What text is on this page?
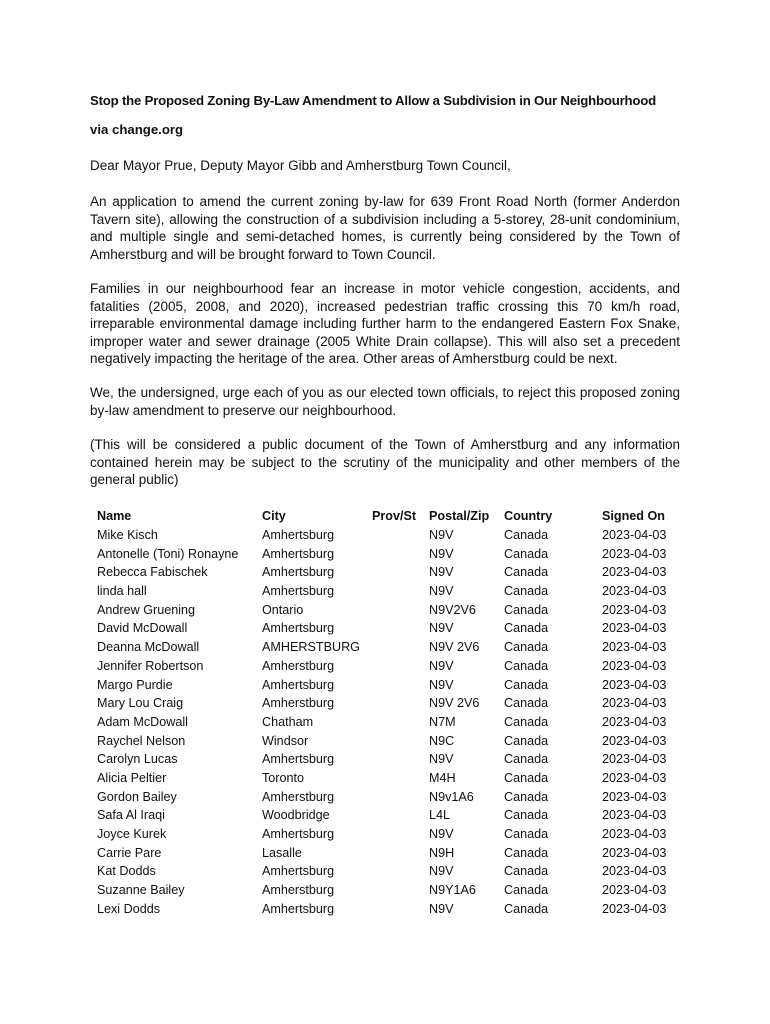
Stop the Proposed Zoning By-Law Amendment to Allow a Subdivision in Our Neighbourhood
via change.org
Dear Mayor Prue, Deputy Mayor Gibb and Amherstburg Town Council,

An application to amend the current zoning by-law for 639 Front Road North (former Anderdon Tavern site), allowing the construction of a subdivision including a 5-storey, 28-unit condominium, and multiple single and semi-detached homes, is currently being considered by the Town of Amherstburg and will be brought forward to Town Council.

Families in our neighbourhood fear an increase in motor vehicle congestion, accidents, and fatalities (2005, 2008, and 2020), increased pedestrian traffic crossing this 70 km/h road, irreparable environmental damage including further harm to the endangered Eastern Fox Snake, improper water and sewer drainage (2005 White Drain collapse). This will also set a precedent negatively impacting the heritage of the area. Other areas of Amherstburg could be next.

We, the undersigned, urge each of you as our elected town officials, to reject this proposed zoning by-law amendment to preserve our neighbourhood.

(This will be considered a public document of the Town of Amherstburg and any information contained herein may be subject to the scrutiny of the municipality and other members of the general public)

Name	City	Prov/St	Postal/Zip	Country	Signed On
Mike Kisch	Amhertsburg		N9V	Canada	2023-04-03
Antonelle (Toni) Ronayne	Amhertsburg		N9V	Canada	2023-04-03
Rebecca Fabischek	Amhertsburg		N9V	Canada	2023-04-03
linda hall	Amhertsburg		N9V	Canada	2023-04-03
Andrew Gruening	Ontario		N9V2V6	Canada	2023-04-03
David McDowall	Amhertsburg		N9V	Canada	2023-04-03
Deanna McDowall	AMHERSTBURG		N9V 2V6	Canada	2023-04-03
Jennifer Robertson	Amherstburg		N9V	Canada	2023-04-03
Margo Purdie	Amhertsburg		N9V	Canada	2023-04-03
Mary Lou Craig	Amherstburg		N9V 2V6	Canada	2023-04-03
Adam McDowall	Chatham		N7M	Canada	2023-04-03
Raychel Nelson	Windsor		N9C	Canada	2023-04-03
Carolyn Lucas	Amhertsburg		N9V	Canada	2023-04-03
Alicia Peltier	Toronto		M4H	Canada	2023-04-03
Gordon Bailey	Amherstburg		N9v1A6	Canada	2023-04-03
Safa Al Iraqi	Woodbridge		L4L	Canada	2023-04-03
Joyce Kurek	Amhertsburg		N9V	Canada	2023-04-03
Carrie Pare	Lasalle		N9H	Canada	2023-04-03
Kat Dodds	Amhertsburg		N9V	Canada	2023-04-03
Suzanne Bailey	Amherstburg		N9Y1A6	Canada	2023-04-03
Lexi Dodds	Amhertsburg		N9V	Canada	2023-04-03
